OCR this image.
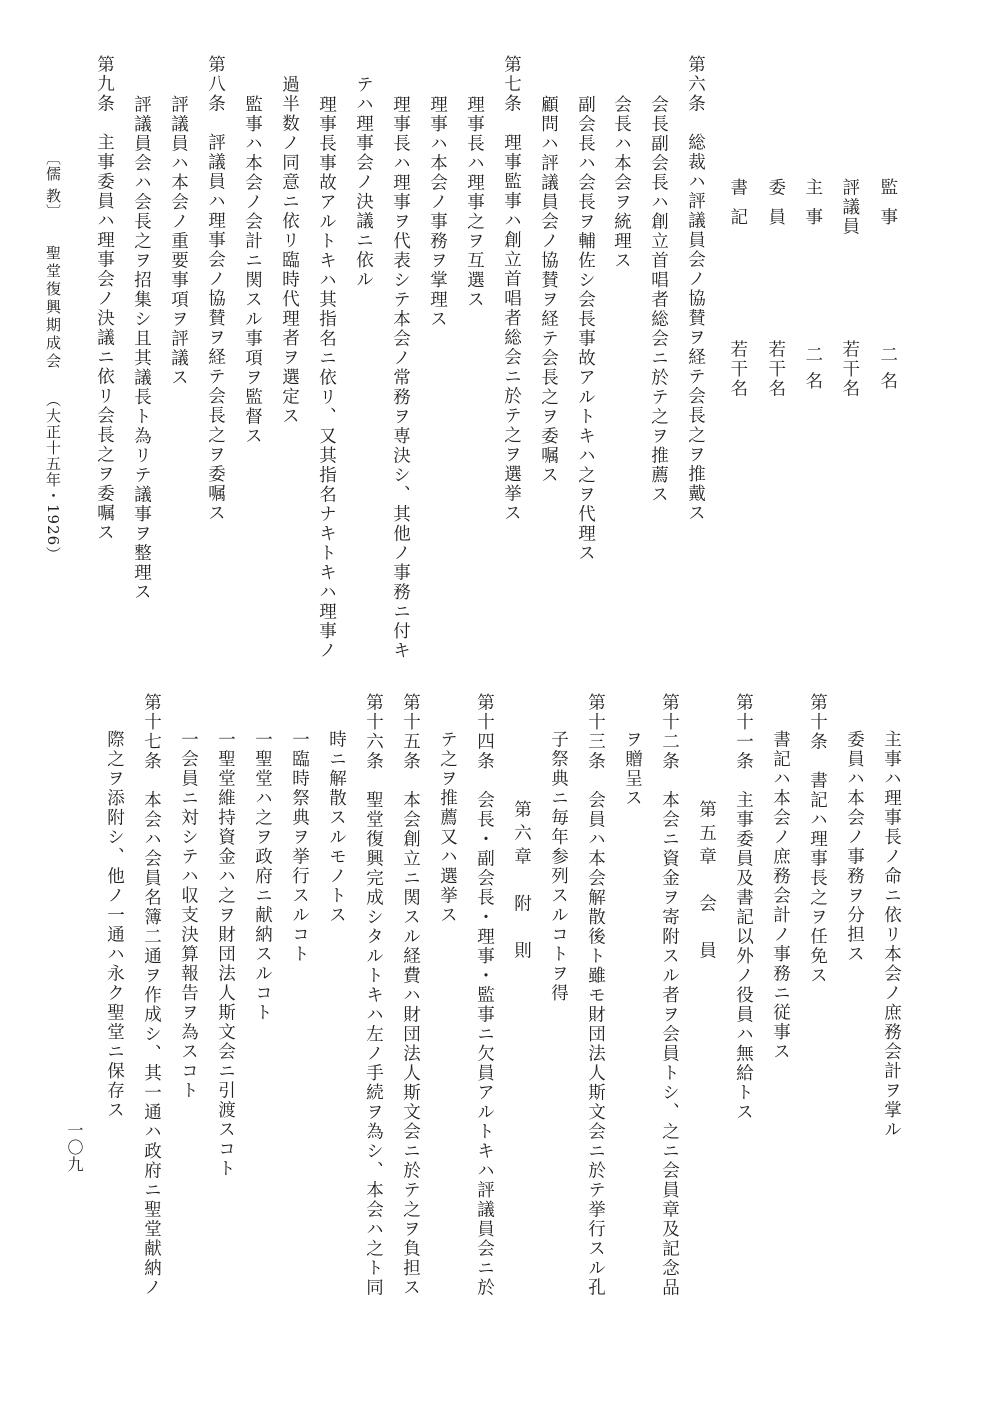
監事
二名
評議員
若干名
主事
二名
委員
若干名
書記
若干名
第六条　総裁ハ評議員会ノ協賛ヲ経テ会長之ヲ推戴ス
会長副会長ハ創立首唱者総会ニ於テ之ヲ推薦ス
会長ハ本会ヲ統理ス
副会長ハ会長ヲ輔佐シ会長事故アルトキハ之ヲ代理ス
顧問ハ評議員会ノ協賛ヲ経テ会長之ヲ委嘱ス
第七条　理事監事ハ創立首唱者総会ニ於テ之ヲ選挙ス
理事長ハ理事之ヲ互選ス
理事ハ本会ノ事務ヲ掌理ス
理事長ハ理事ヲ代表シテ本会ノ常務ヲ専決シ、其他ノ事務ニ付キ
テハ理事会ノ決議ニ依ル
理事長事故アルトキハ其指名ニ依リ、又其指名ナキトキハ理事ノ
過半数ノ同意ニ依リ臨時代理者ヲ選定ス
監事ハ本会ノ会計ニ関スル事項ヲ監督ス
第八条　評議員ハ理事会ノ協賛ヲ経テ会長之ヲ委嘱ス
評議員ハ本会ノ重要事項ヲ評議ス
評議員会ハ会長之ヲ招集シ且其議長ト為リテ議事ヲ整理ス
第九条　主事委員ハ理事会ノ決議ニ依リ会長之ヲ委嘱ス
主事ハ理事長ノ命ニ依リ本会ノ庶務会計ヲ掌ル
委員ハ本会ノ事務ヲ分担ス
第十条　書記ハ理事長之ヲ任免ス
書記ハ本会ノ庶務会計ノ事務ニ従事ス
第十一条　主事委員及書記以外ノ役員ハ無給トス
第五章　会　員
第十二条　本会ニ資金ヲ寄附スル者ヲ会員トシ、之ニ会員章及記念品
ヲ贈呈ス
第十三条　会員ハ本会解散後ト雖モ財団法人斯文会ニ於テ挙行スル孔
子祭典ニ毎年参列スルコトヲ得
第六章　附　則
第十四条　会長・副会長・理事・監事ニ欠員アルトキハ評議員会ニ於
テ之ヲ推薦又ハ選挙ス
第十五条　本会創立ニ関スル経費ハ財団法人斯文会ニ於テ之ヲ負担ス
第十六条　聖堂復興完成シタルトキハ左ノ手続ヲ為シ、本会ハ之ト同
時ニ解散スルモノトス
一臨時祭典ヲ挙行スルコト
一聖堂ハ之ヲ政府ニ献納スルコト
一聖堂維持資金ハ之ヲ財団法人斯文会ニ引渡スコト
一会員ニ対シテハ収支決算報告ヲ為スコト
第十七条　本会ハ会員名簿二通ヲ作成シ、其一通ハ政府ニ聖堂献納ノ
際之ヲ添附シ、他ノ一通ハ永ク聖堂ニ保存ス
〔儒 教〕
聖堂復興期成会
（大正十五年・1926）
一〇九
